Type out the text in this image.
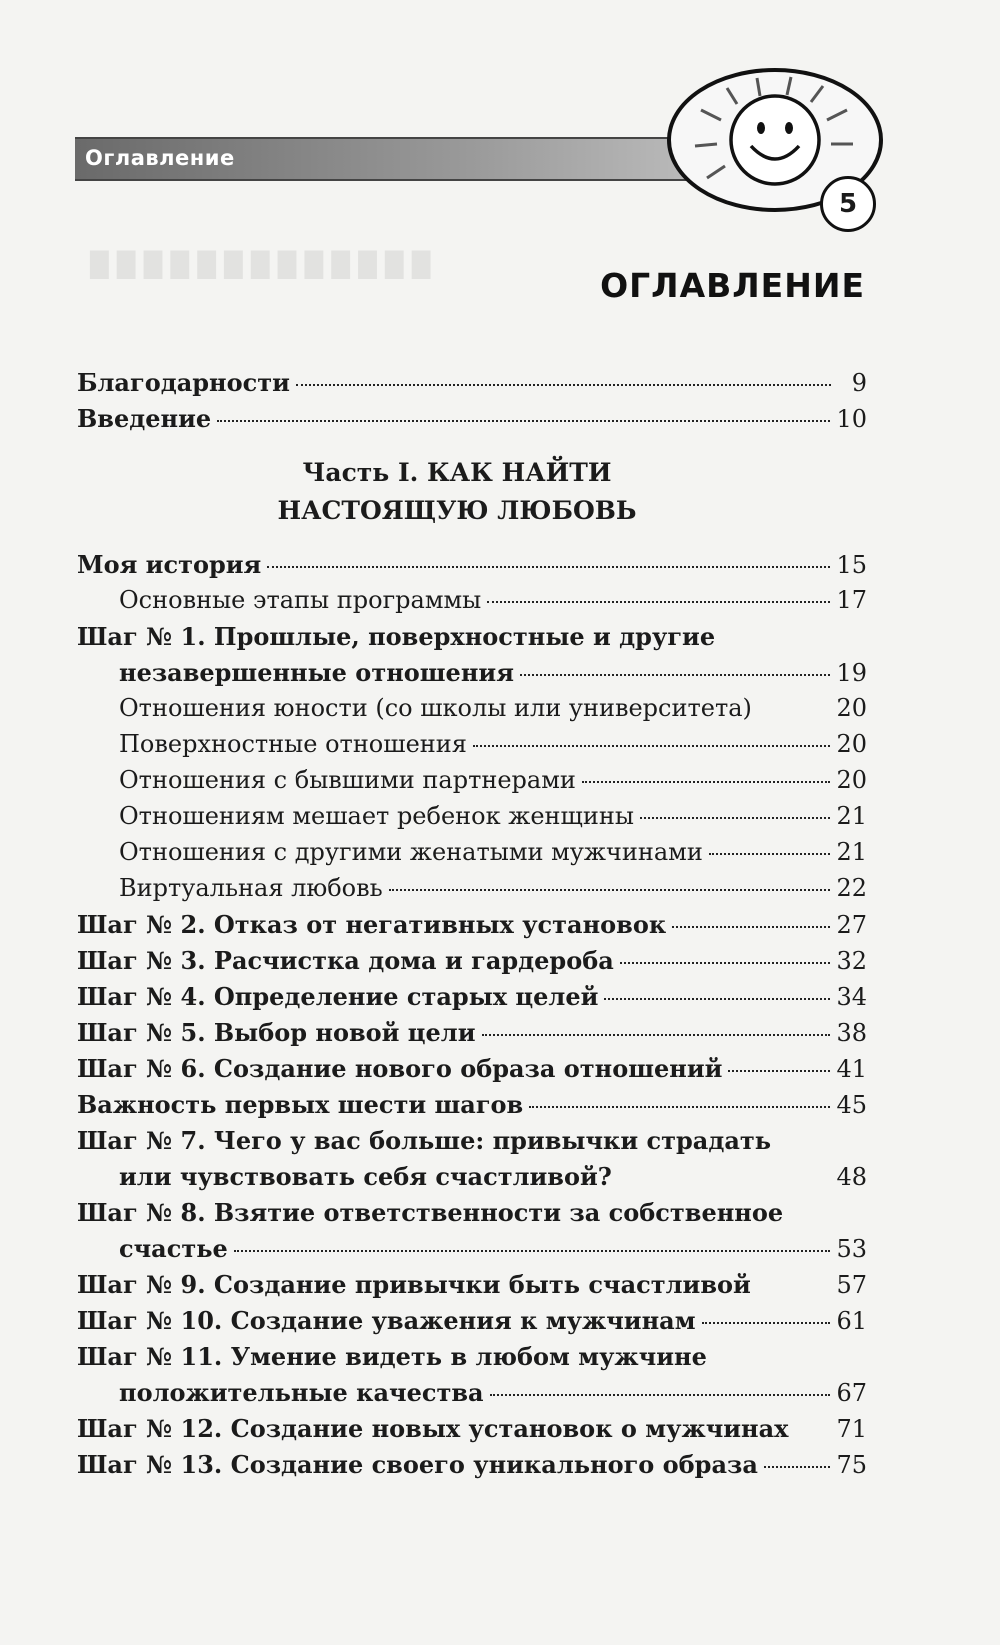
█ █ █ █ █ █ █ █ █ █ █ █ █
Оглавление
5
ОГЛАВЛЕНИЕ
Благодарности	9
Введение	10
Часть I. КАК НАЙТИ
НАСТОЯЩУЮ ЛЮБОВЬ
Моя история	15
Основные этапы программы	17
Шаг № 1. Прошлые, поверхностные и другие
незавершенные отношения	19
Отношения юности (со школы или университета)	20
Поверхностные отношения	20
Отношения с бывшими партнерами	20
Отношениям мешает ребенок женщины	21
Отношения с другими женатыми мужчинами	21
Виртуальная любовь	22
Шаг № 2. Отказ от негативных установок	27
Шаг № 3. Расчистка дома и гардероба	32
Шаг № 4. Определение старых целей	34
Шаг № 5. Выбор новой цели	38
Шаг № 6. Создание нового образа отношений	41
Важность первых шести шагов	45
Шаг № 7. Чего у вас больше: привычки страдать
или чувствовать себя счастливой?	48
Шаг № 8. Взятие ответственности за собственное
счастье	53
Шаг № 9. Создание привычки быть счастливой	57
Шаг № 10. Создание уважения к мужчинам	61
Шаг № 11. Умение видеть в любом мужчине
положительные качества	67
Шаг № 12. Создание новых установок о мужчинах 71
Шаг № 13. Создание своего уникального образа	75
